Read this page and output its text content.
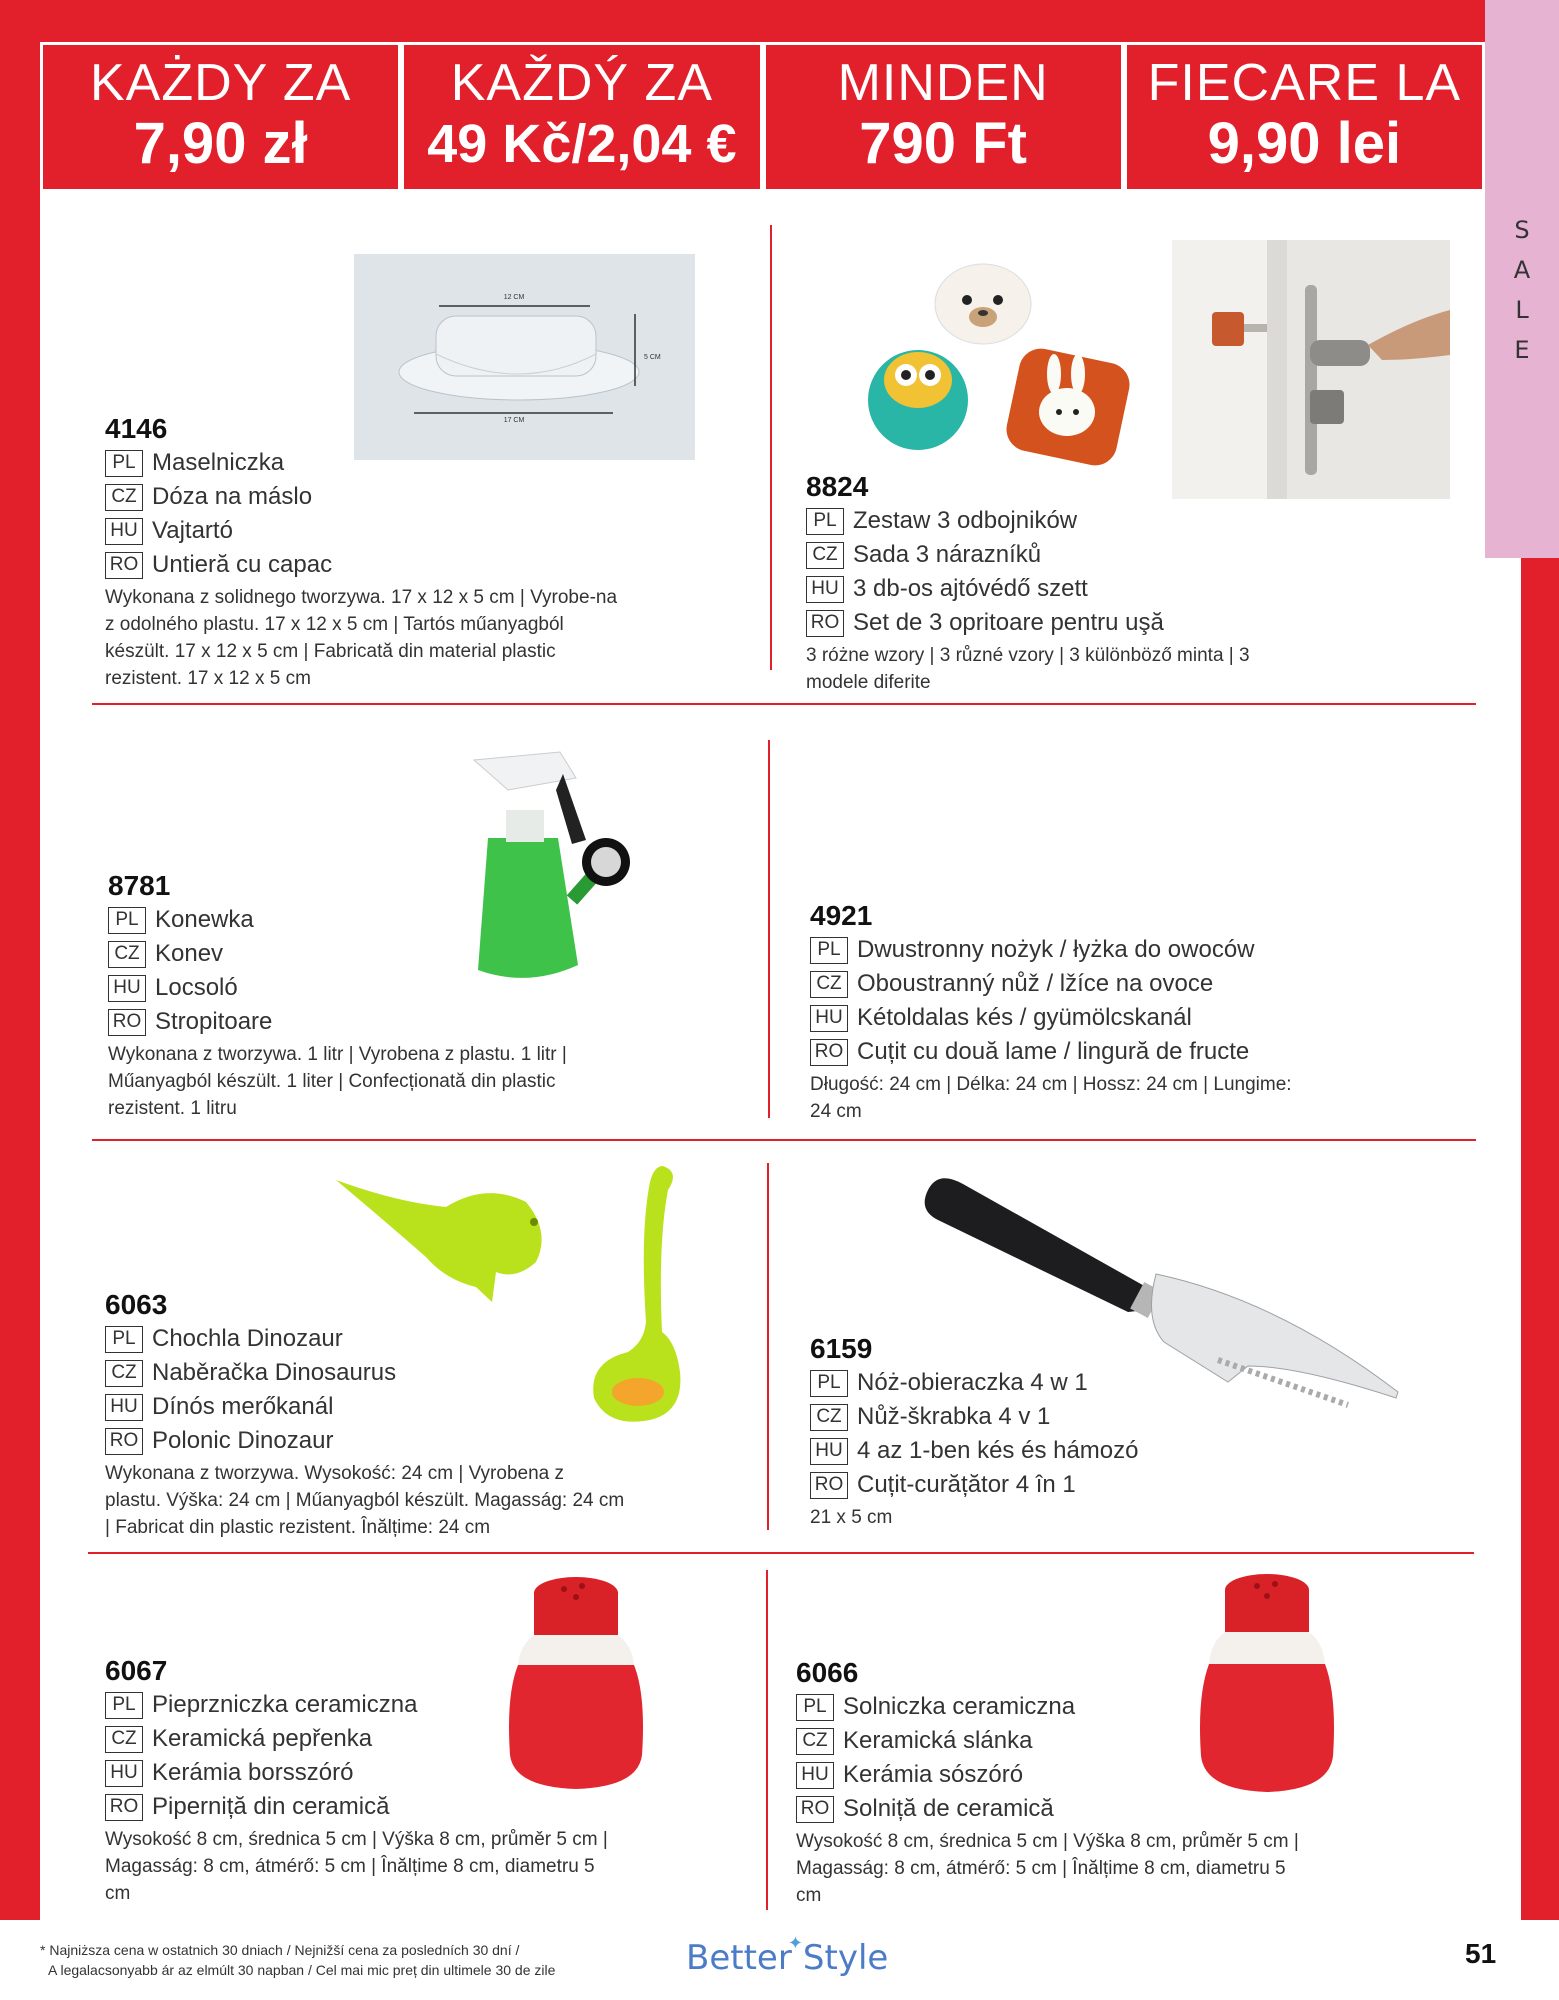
S
A
L
E
KAŻDY ZA
7,90 zł
KAŽDÝ ZA
49 Kč/2,04 €
MINDEN
790 Ft
FIECARE LA
9,90 lei
12 CM
17 CM
5 CM
4146
PL Maselniczka
CZ Dóza na máslo
HU Vajtartó
RO Untieră cu capac
Wykonana z solidnego tworzywa. 17 x 12 x 5 cm | Vyrobe-na z odolného plastu. 17 x 12 x 5 cm | Tartós műanyagból készült. 17 x 12 x 5 cm | Fabricată din material plastic rezistent. 17 x 12 x 5 cm
8824
PL Zestaw 3 odbojników
CZ Sada 3 nárazníků
HU 3 db-os ajtóvédő szett
RO Set de 3 opritoare pentru uşă
3 różne wzory | 3 různé vzory | 3 különböző minta | 3 modele diferite
8781
PL Konewka
CZ Konev
HU Locsoló
RO Stropitoare
Wykonana z tworzywa. 1 litr | Vyrobena z plastu. 1 litr | Műanyagból készült. 1 liter | Confecționată din plastic rezistent. 1 litru
4921
PL Dwustronny nożyk / łyżka do owoców
CZ Oboustranný nůž / lžíce na ovoce
HU Kétoldalas kés / gyümölcskanál
RO Cuțit cu două lame / lingură de fructe
Długość: 24 cm | Délka: 24 cm | Hossz: 24 cm | Lungime: 24 cm
6063
PL Chochla Dinozaur
CZ Naběračka Dinosaurus
HU Dínós merőkanál
RO Polonic Dinozaur
Wykonana z tworzywa. Wysokość: 24 cm | Vyrobena z plastu. Výška: 24 cm | Műanyagból készült. Magasság: 24 cm | Fabricat din plastic rezistent. Înălțime: 24 cm
6159
PL Nóż-obieraczka 4 w 1
CZ Nůž-škrabka 4 v 1
HU 4 az 1-ben kés és hámozó
RO Cuțit-curățător 4 în 1
21 x 5 cm
6067
PL Pieprzniczka ceramiczna
CZ Keramická pepřenka
HU Kerámia borsszóró
RO Piperniță din ceramică
Wysokość 8 cm, średnica 5 cm | Výška 8 cm, průměr 5 cm | Magasság: 8 cm, átmérő: 5 cm | Înălțime 8 cm, diametru 5 cm
6066
PL Solniczka ceramiczna
CZ Keramická slánka
HU Kerámia sószóró
RO Solniță de ceramică
Wysokość 8 cm, średnica 5 cm | Výška 8 cm, průměr 5 cm | Magasság: 8 cm, átmérő: 5 cm | Înălțime 8 cm, diametru 5 cm
* Najniższa cena w ostatnich 30 dniach / Nejnižší cena za posledních 30 dní /
A legalacsonyabb ár az elmúlt 30 napban / Cel mai mic preț din ultimele 30 de zile	Better✦Style	51
